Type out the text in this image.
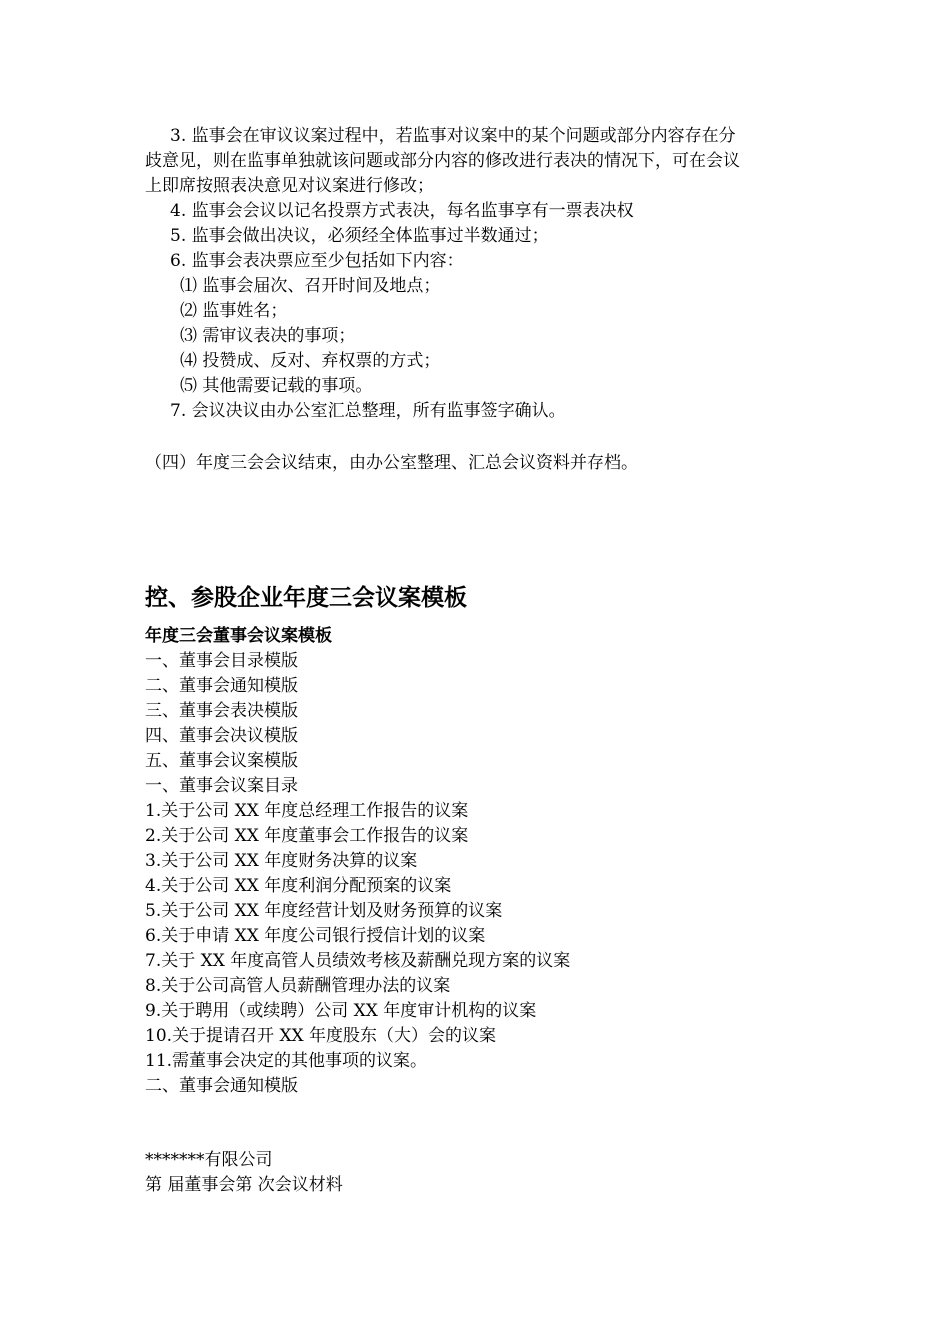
3. 监事会在审议议案过程中，若监事对议案中的某个问题或部分内容存在分
歧意见，则在监事单独就该问题或部分内容的修改进行表决的情况下，可在会议
上即席按照表决意见对议案进行修改；
4. 监事会会议以记名投票方式表决，每名监事享有一票表决权
5. 监事会做出决议，必须经全体监事过半数通过；
6. 监事会表决票应至少包括如下内容：
⑴ 监事会届次、召开时间及地点；
⑵ 监事姓名；
⑶ 需审议表决的事项；
⑷ 投赞成、反对、弃权票的方式；
⑸ 其他需要记载的事项。
7. 会议决议由办公室汇总整理，所有监事签字确认。
（四）年度三会会议结束，由办公室整理、汇总会议资料并存档。
控、参股企业年度三会议案模板
年度三会董事会议案模板
一、董事会目录模版
二、董事会通知模版
三、董事会表决模版
四、董事会决议模版
五、董事会议案模版
一、董事会议案目录
1.关于公司 XX 年度总经理工作报告的议案
2.关于公司 XX 年度董事会工作报告的议案
3.关于公司 XX 年度财务决算的议案
4.关于公司 XX 年度利润分配预案的议案
5.关于公司 XX 年度经营计划及财务预算的议案
6.关于申请 XX 年度公司银行授信计划的议案
7.关于 XX 年度高管人员绩效考核及薪酬兑现方案的议案
8.关于公司高管人员薪酬管理办法的议案
9.关于聘用（或续聘）公司 XX 年度审计机构的议案
10.关于提请召开 XX 年度股东（大）会的议案
11.需董事会决定的其他事项的议案。
二、董事会通知模版
*******有限公司
第 届董事会第 次会议材料
